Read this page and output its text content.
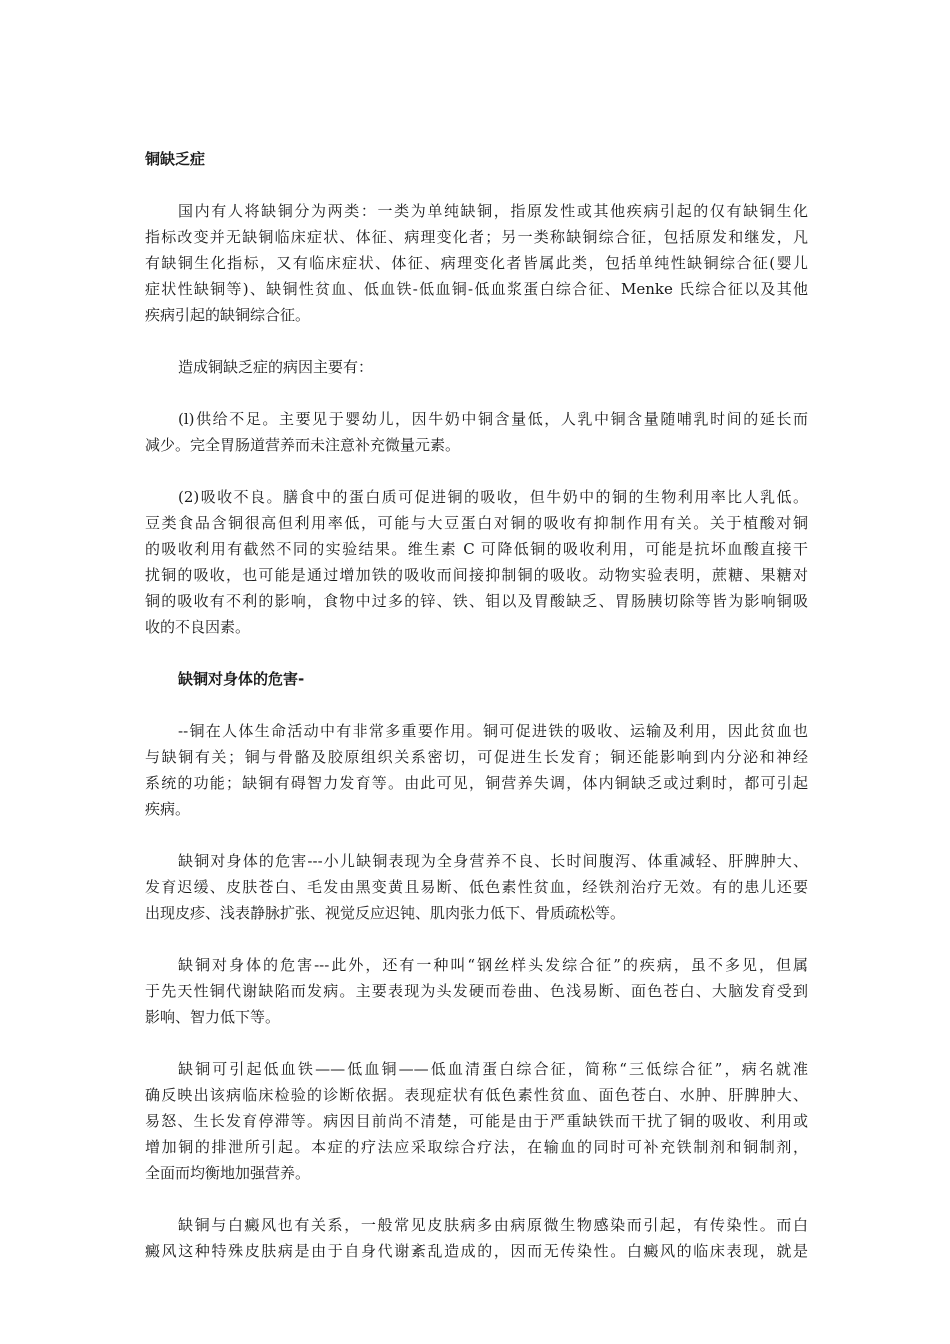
铜缺乏症
国内有人将缺铜分为两类：一类为单纯缺铜，指原发性或其他疾病引起的仅有缺铜生化
指标改变并无缺铜临床症状、体征、病理变化者；另一类称缺铜综合征，包括原发和继发，凡
有缺铜生化指标，又有临床症状、体征、病理变化者皆属此类，包括单纯性缺铜综合征(婴儿
症状性缺铜等)、缺铜性贫血、低血铁-低血铜-低血浆蛋白综合征、Menke 氏综合征以及其他
疾病引起的缺铜综合征。
造成铜缺乏症的病因主要有：
(l)供给不足。主要见于婴幼儿，因牛奶中铜含量低，人乳中铜含量随哺乳时间的延长而
减少。完全胃肠道营养而未注意补充微量元素。
(2)吸收不良。膳食中的蛋白质可促进铜的吸收，但牛奶中的铜的生物利用率比人乳低。
豆类食品含铜很高但利用率低，可能与大豆蛋白对铜的吸收有抑制作用有关。关于植酸对铜
的吸收利用有截然不同的实验结果。维生素 C 可降低铜的吸收利用，可能是抗坏血酸直接干
扰铜的吸收，也可能是通过增加铁的吸收而间接抑制铜的吸收。动物实验表明，蔗糖、果糖对
铜的吸收有不利的影响，食物中过多的锌、铁、钼以及胃酸缺乏、胃肠胰切除等皆为影响铜吸
收的不良因素。
缺铜对身体的危害-
--铜在人体生命活动中有非常多重要作用。铜可促进铁的吸收、运输及利用，因此贫血也
与缺铜有关；铜与骨骼及胶原组织关系密切，可促进生长发育；铜还能影响到内分泌和神经
系统的功能；缺铜有碍智力发育等。由此可见，铜营养失调，体内铜缺乏或过剩时，都可引起
疾病。
缺铜对身体的危害---小儿缺铜表现为全身营养不良、长时间腹泻、体重减轻、肝脾肿大、
发育迟缓、皮肤苍白、毛发由黑变黄且易断、低色素性贫血，经铁剂治疗无效。有的患儿还要
出现皮疹、浅表静脉扩张、视觉反应迟钝、肌肉张力低下、骨质疏松等。
缺铜对身体的危害---此外，还有一种叫“钢丝样头发综合征”的疾病，虽不多见，但属
于先天性铜代谢缺陷而发病。主要表现为头发硬而卷曲、色浅易断、面色苍白、大脑发育受到
影响、智力低下等。
缺铜可引起低血铁——低血铜——低血清蛋白综合征，简称“三低综合征”，病名就准
确反映出该病临床检验的诊断依据。表现症状有低色素性贫血、面色苍白、水肿、肝脾肿大、
易怒、生长发育停滞等。病因目前尚不清楚，可能是由于严重缺铁而干扰了铜的吸收、利用或
增加铜的排泄所引起。本症的疗法应采取综合疗法，在输血的同时可补充铁制剂和铜制剂，
全面而均衡地加强营养。
缺铜与白癜风也有关系，一般常见皮肤病多由病原微生物感染而引起，有传染性。而白
癜风这种特殊皮肤病是由于自身代谢紊乱造成的，因而无传染性。白癜风的临床表现，就是
